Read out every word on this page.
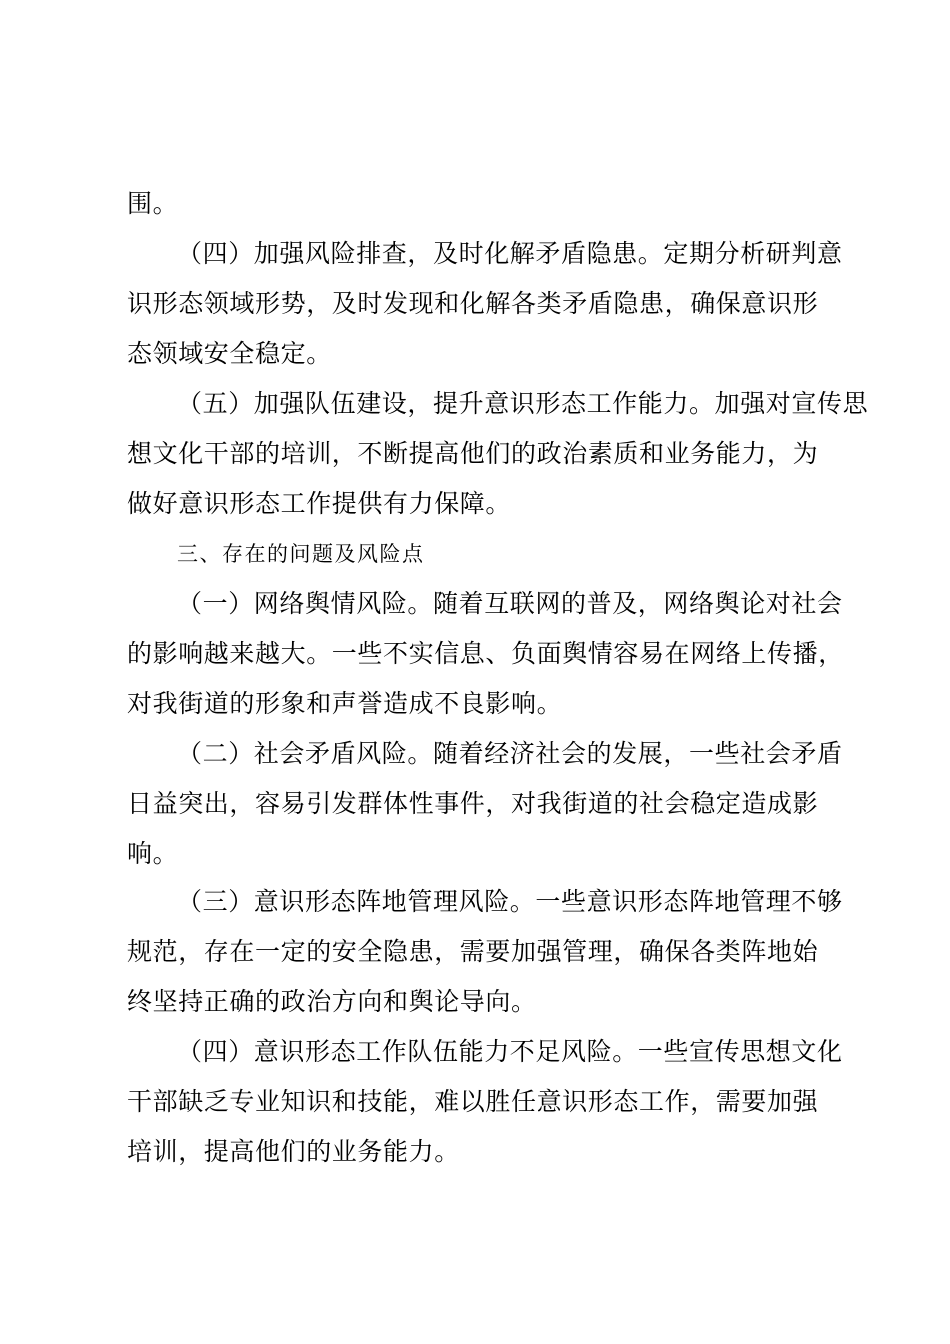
围。
（四）加强风险排查，及时化解矛盾隐患。定期分析研判意
识形态领域形势，及时发现和化解各类矛盾隐患，确保意识形
态领域安全稳定。
（五）加强队伍建设，提升意识形态工作能力。加强对宣传思
想文化干部的培训，不断提高他们的政治素质和业务能力，为
做好意识形态工作提供有力保障。
三、存在的问题及风险点
（一）网络舆情风险。随着互联网的普及，网络舆论对社会
的影响越来越大。一些不实信息、负面舆情容易在网络上传播，
对我街道的形象和声誉造成不良影响。
（二）社会矛盾风险。随着经济社会的发展，一些社会矛盾
日益突出，容易引发群体性事件，对我街道的社会稳定造成影
响。
（三）意识形态阵地管理风险。一些意识形态阵地管理不够
规范，存在一定的安全隐患，需要加强管理，确保各类阵地始
终坚持正确的政治方向和舆论导向。
（四）意识形态工作队伍能力不足风险。一些宣传思想文化
干部缺乏专业知识和技能，难以胜任意识形态工作，需要加强
培训，提高他们的业务能力。
